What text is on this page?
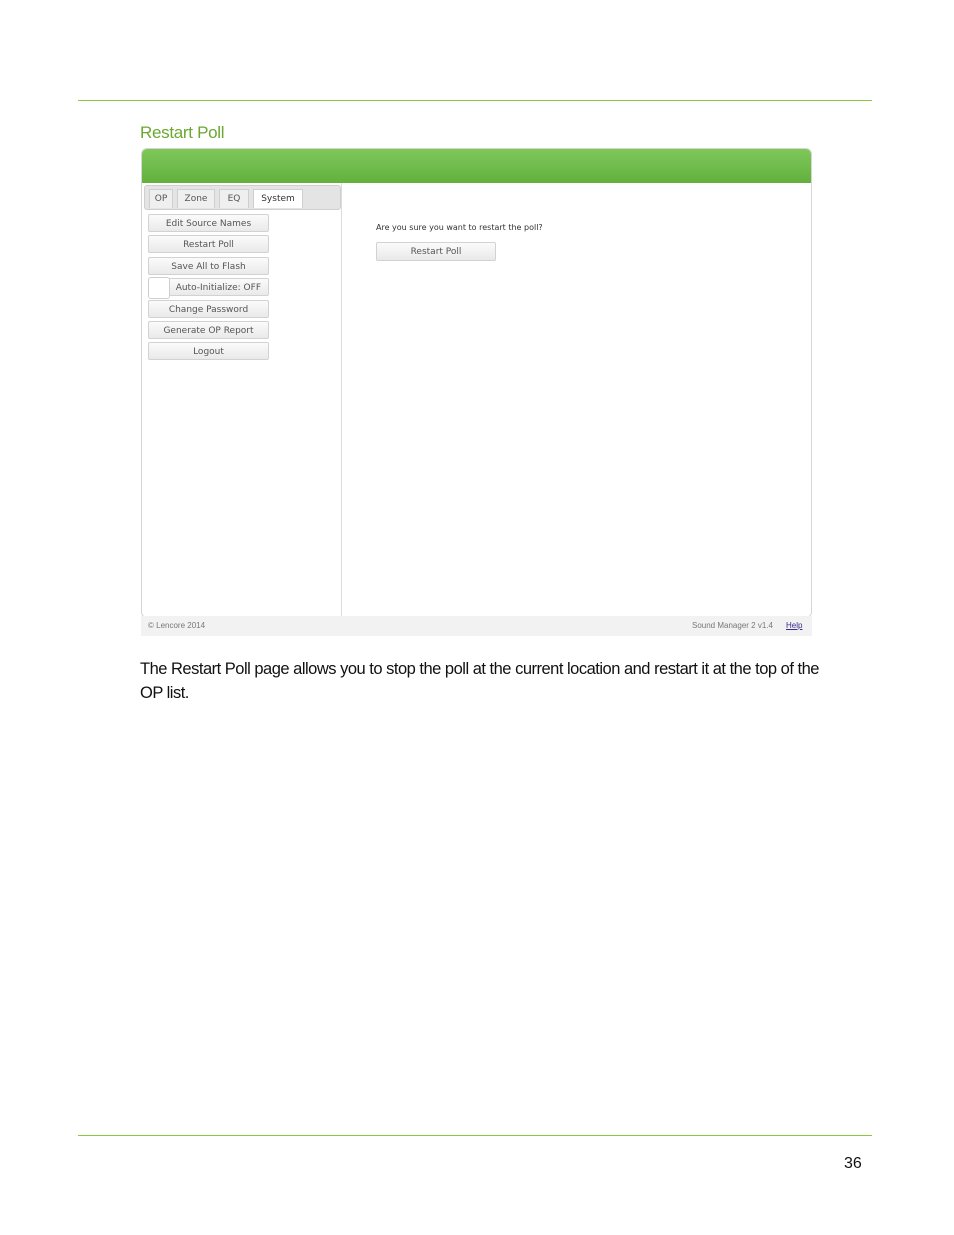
Restart Poll
OP	Zone	EQ	System
Edit Source Names
Restart Poll
Save All to Flash
Auto-Initialize: OFF
Change Password
Generate OP Report
Logout
Are you sure you want to restart the poll?
Restart Poll
© Lencore 2014	Sound Manager 2 v1.4 Help
The Restart Poll page allows you to stop the poll at the current location and restart it at the top of the OP list.
36
